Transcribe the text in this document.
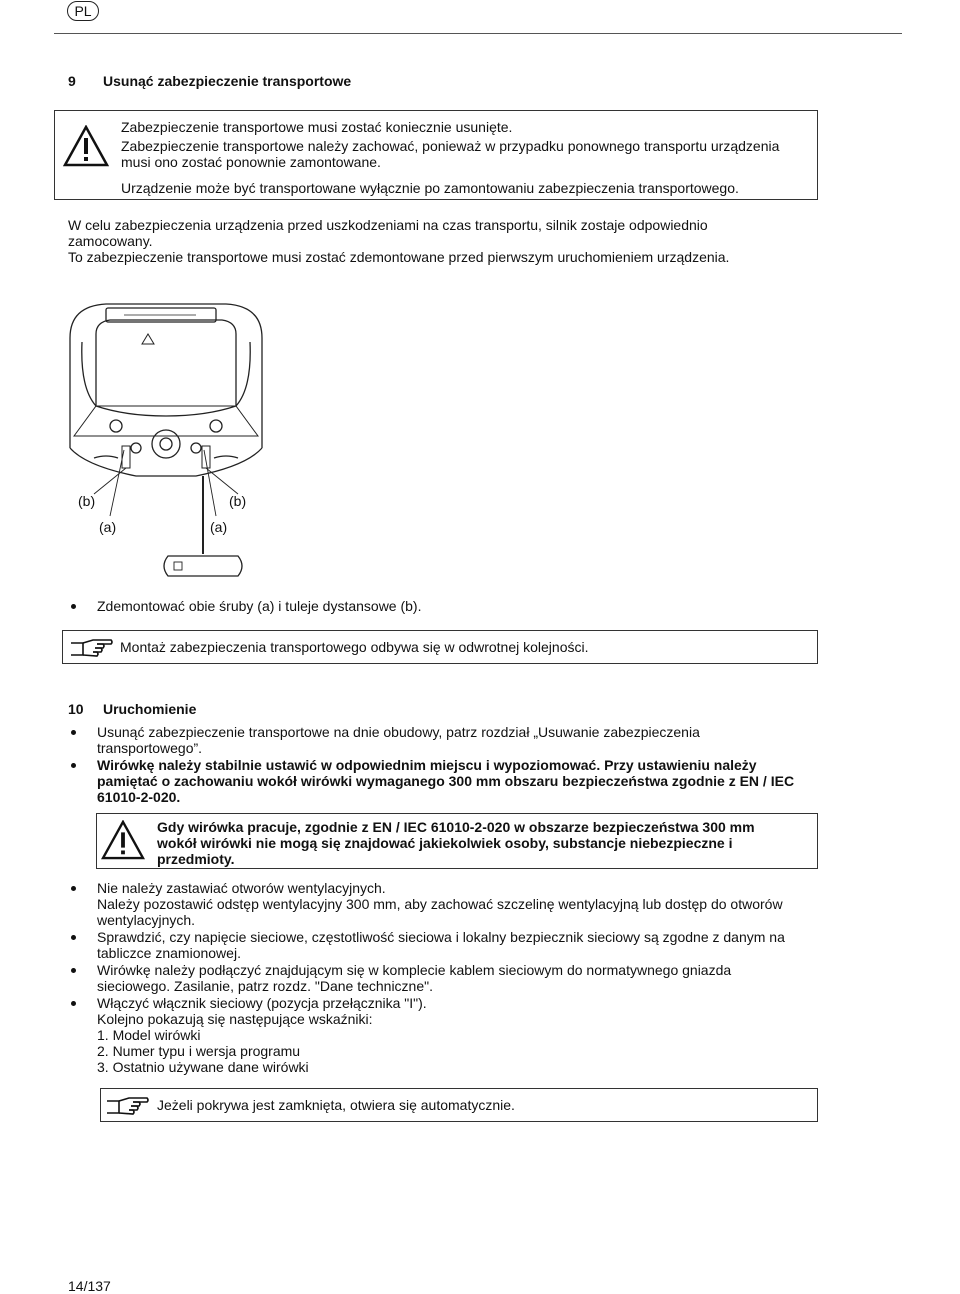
PL
9 Usunąć zabezpieczenie transportowe
Zabezpieczenie transportowe musi zostać koniecznie usunięte.
Zabezpieczenie transportowe należy zachować, ponieważ w przypadku ponownego transportu urządzenia
musi ono zostać ponownie zamontowane.
Urządzenie może być transportowane wyłącznie po zamontowaniu zabezpieczenia transportowego.
W celu zabezpieczenia urządzenia przed uszkodzeniami na czas transportu, silnik zostaje odpowiednio
zamocowany.
To zabezpieczenie transportowe musi zostać zdemontowane przed pierwszym uruchomieniem urządzenia.
(b)	(b)
(a)	(a)
Zdemontować obie śruby (a) i tuleje dystansowe (b).
Montaż zabezpieczenia transportowego odbywa się w odwrotnej kolejności.
10 Uruchomienie
Usunąć zabezpieczenie transportowe na dnie obudowy, patrz rozdział „Usuwanie zabezpieczenia
transportowego”.
Wirówkę należy stabilnie ustawić w odpowiednim miejscu i wypoziomować. Przy ustawieniu należy
pamiętać o zachowaniu wokół wirówki wymaganego 300 mm obszaru bezpieczeństwa zgodnie z EN / IEC
61010-2-020.
Gdy wirówka pracuje, zgodnie z EN / IEC 61010-2-020 w obszarze bezpieczeństwa 300 mm
wokół wirówki nie mogą się znajdować jakiekolwiek osoby, substancje niebezpieczne i
przedmioty.
Nie należy zastawiać otworów wentylacyjnych.
Należy pozostawić odstęp wentylacyjny 300 mm, aby zachować szczelinę wentylacyjną lub dostęp do otworów
wentylacyjnych.
Sprawdzić, czy napięcie sieciowe, częstotliwość sieciowa i lokalny bezpiecznik sieciowy są zgodne z danym na
tabliczce znamionowej.
Wirówkę należy podłączyć znajdującym się w komplecie kablem sieciowym do normatywnego gniazda
sieciowego. Zasilanie, patrz rozdz. "Dane techniczne".
Włączyć włącznik sieciowy (pozycja przełącznika "I").
Kolejno pokazują się następujące wskaźniki:
1. Model wirówki
2. Numer typu i wersja programu
3. Ostatnio używane dane wirówki
Jeżeli pokrywa jest zamknięta, otwiera się automatycznie.
14/137
